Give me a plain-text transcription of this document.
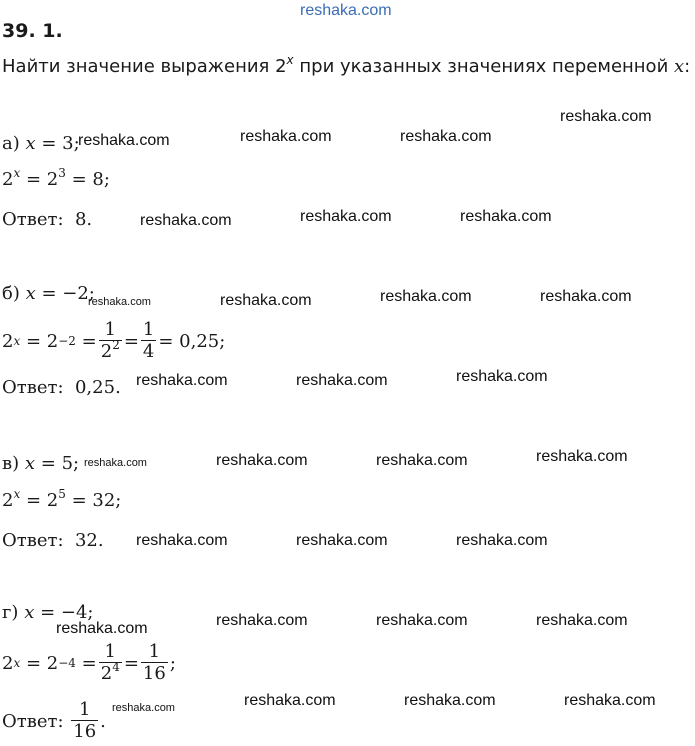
reshaka.com
39. 1.
Найти значение выражения 2$^x$ при указанных значениях переменной x:
а) x = 3;
$2^x = 2^3 = 8$;
Ответ: 8.
б) x = −2;
2 $x = 2 -2 = \frac{1}{2^2} = \frac{1}{4} = 0,25$;
Ответ: 0,25.
в) x = 5;
$2^x = 2^5 = 32$;
Ответ: 32.
г) x = −4;
2 $x = 2 -4 = \frac{1}{2^4} = \frac{1}{16}$ ;
Ответ:
$\frac{1}{16}$ .
reshaka.com
reshaka.com	reshaka.com	reshaka.com
reshaka.com	reshaka.com	reshaka.com
reshaka.com	reshaka.com	reshaka.com	reshaka.com
reshaka.com	reshaka.com	reshaka.com
reshaka.com	reshaka.com	reshaka.com	reshaka.com
reshaka.com	reshaka.com	reshaka.com
reshaka.com	reshaka.com	reshaka.com	reshaka.com
reshaka.com	reshaka.com	reshaka.com	reshaka.com
